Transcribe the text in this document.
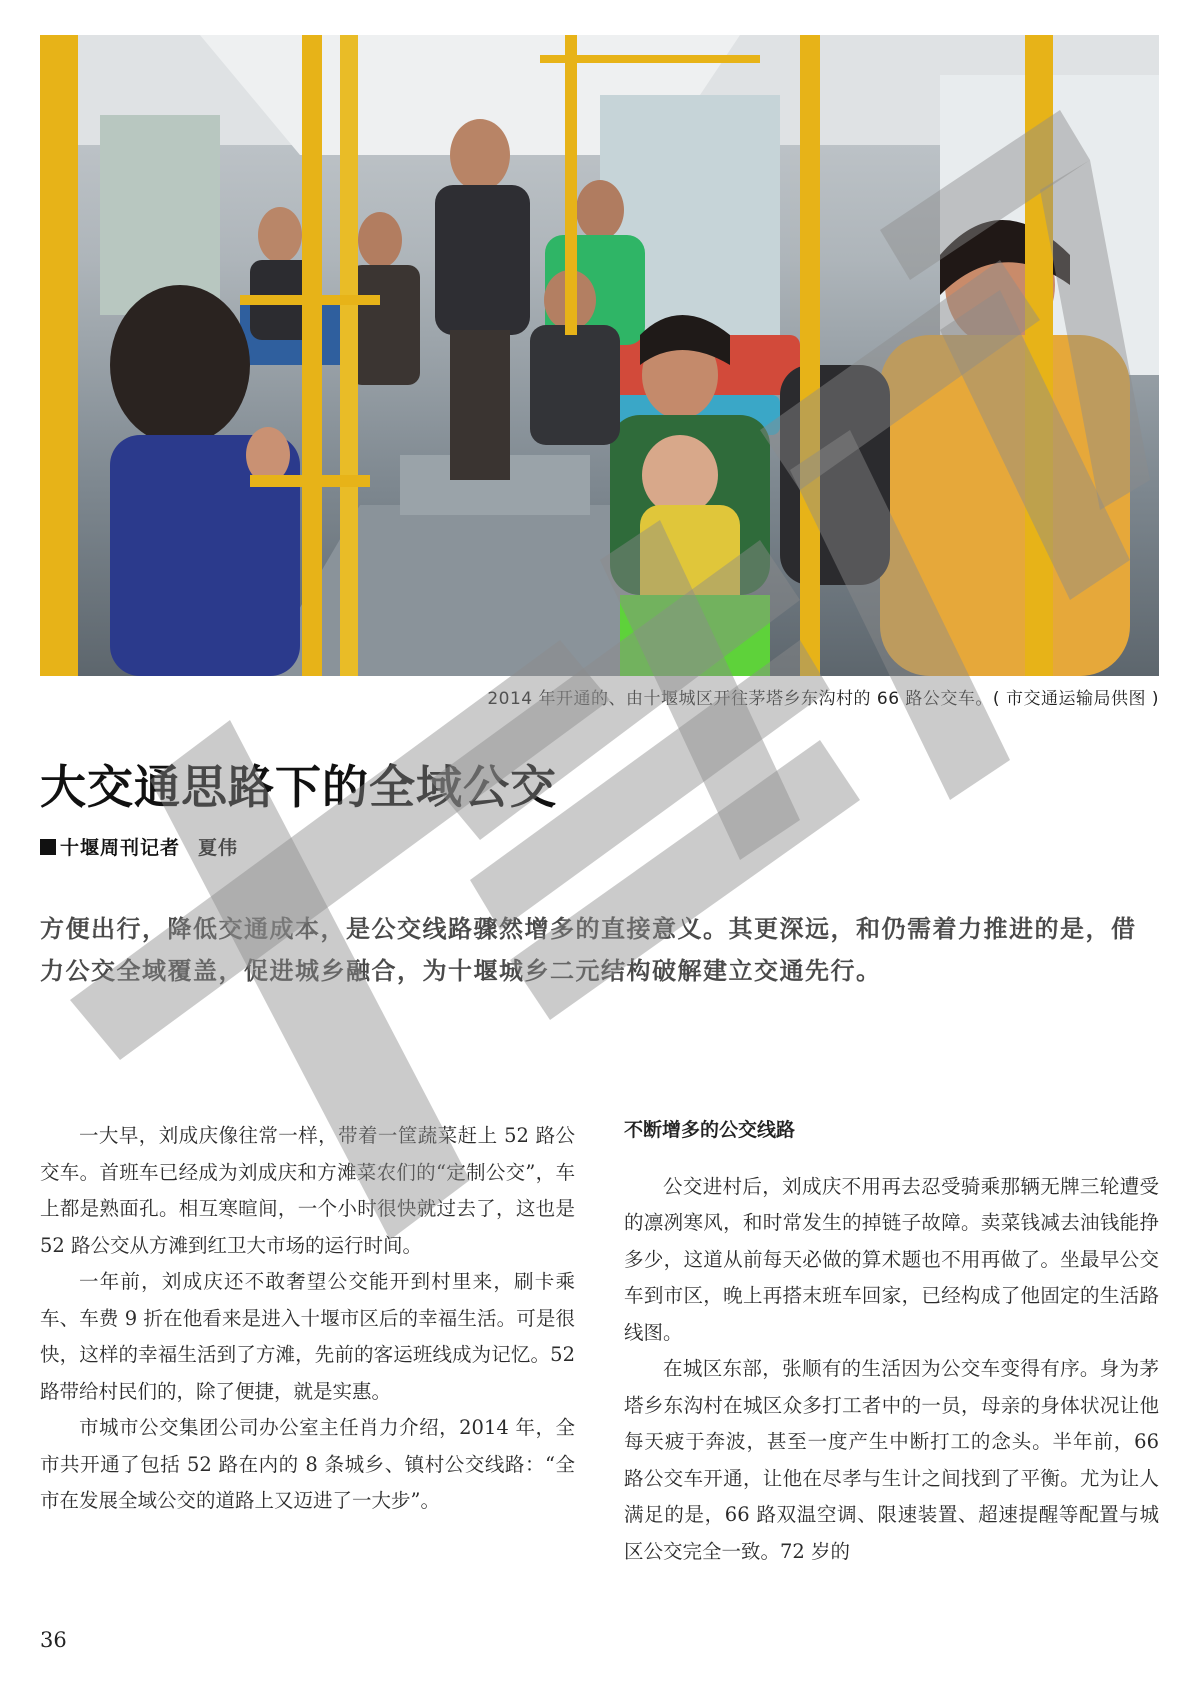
2014 年开通的、由十堰城区开往茅塔乡东沟村的 66 路公交车。( 市交通运输局供图 )
大交通思路下的全域公交
十堰周刊记者 夏伟

方便出行，降低交通成本，是公交线路骤然增多的直接意义。其更深远，和仍需着力推进的是，借力公交全域覆盖，促进城乡融合，为十堰城乡二元结构破解建立交通先行。

一大早，刘成庆像往常一样，带着一筐蔬菜赶上 52 路公交车。首班车已经成为刘成庆和方滩菜农们的“定制公交”，车上都是熟面孔。相互寒暄间，一个小时很快就过去了，这也是 52 路公交从方滩到红卫大市场的运行时间。

一年前，刘成庆还不敢奢望公交能开到村里来，刷卡乘车、车费 9 折在他看来是进入十堰市区后的幸福生活。可是很快，这样的幸福生活到了方滩，先前的客运班线成为记忆。52 路带给村民们的，除了便捷，就是实惠。

市城市公交集团公司办公室主任肖力介绍，2014 年，全市共开通了包括 52 路在内的 8 条城乡、镇村公交线路：“全市在发展全域公交的道路上又迈进了一大步”。

不断增多的公交线路

公交进村后，刘成庆不用再去忍受骑乘那辆无牌三轮遭受的凛冽寒风，和时常发生的掉链子故障。卖菜钱减去油钱能挣多少，这道从前每天必做的算术题也不用再做了。坐最早公交车到市区，晚上再搭末班车回家，已经构成了他固定的生活路线图。

在城区东部，张顺有的生活因为公交车变得有序。身为茅塔乡东沟村在城区众多打工者中的一员，母亲的身体状况让他每天疲于奔波，甚至一度产生中断打工的念头。半年前，66 路公交车开通，让他在尽孝与生计之间找到了平衡。尤为让人满足的是，66 路双温空调、限速装置、超速提醒等配置与城区公交完全一致。72 岁的

36
